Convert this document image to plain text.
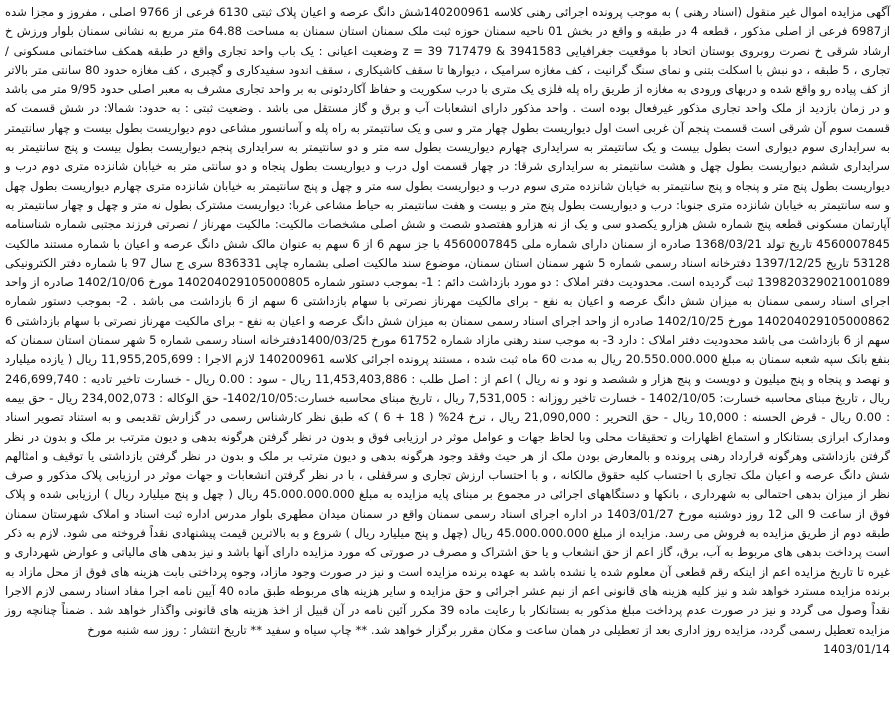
آگهی مزایده اموال غیر منقول (اسناد رهنی ) به موجب پرونده اجرائی رهنی کلاسه 140200961شش دانگ عرصه و اعیان پلاک ثبتی 6130 فرعی از 9766 اصلی ، مفروز و مجزا شده از6987 فرعی از اصلی مذکور ، قطعه 4 در طبقه و واقع در بخش 01 ناحیه سمنان حوزه ثبت ملک سمنان استان سمنان به مساحت 64.88 متر مربع به نشانی سمنان بلوار ورزش خ ارشاد شرقی خ نصرت روبروی بوستان اتحاد با موقعیت جغرافیایی 3941583 & 717479 39 = z وضعیت اعیانی : یک باب واحد تجاری واقع در طبقه همکف ساختمانی مسکونی / تجاری ، 5 طبقه ، دو نبش با اسکلت بتنی و نمای سنگ گرانیت ، کف مغازه سرامیک ، دیوارها تا سقف کاشیکاری ، سقف اندود سفیدکاری و گچبری ، کف مغازه حدود 80 سانتی متر بالاتر از کف پیاده رو واقع شده و دربهای ورودی به مغازه از طریق راه پله فلزی یک متری با درب سکوریت و حفاظ آکاردئونی به بر واحد تجاری مشرف به معبر اصلی حدود 9/95 متر می باشد و در زمان بازدید از ملک واحد تجاری مذکور غیرفعال بوده است . واحد مذکور دارای انشعابات آب و برق و گاز مستقل می باشد . وضعیت ثبتی : به حدود: شمالا: در شش قسمت که قسمت سوم آن شرقی است قسمت پنجم آن غربی است اول دیواریست بطول چهار متر و سی و یک سانتیمتر به راه پله و آسانسور مشاعی دوم دیواریست بطول بیست و چهار سانتیمتر به سرایداری سوم دیواری است بطول بیست و یک سانتیمتر به سرایداری چهارم دیواریست بطول سه متر و دو سانتیمتر به سرایداری پنجم دیواریست بطول بیست و پنج سانتیمتر به سرایداری ششم دیواریست بطول چهل و هشت سانتیمتر به سرایداری شرقا: در چهار قسمت اول درب و دیواریست بطول پنجاه و دو سانتی متر به خیابان شانزده متری دوم درب و دیواریست بطول پنج متر و پنجاه و پنج سانتیمتر به خیابان شانزده متری سوم درب و دیواریست بطول سه متر و چهل و پنج سانتیمتر به خیابان شانزده متری چهارم دیواریست بطول چهل و سه سانتیمتر به خیابان شانزده متری جنوبا: درب و دیواریست بطول پنج متر و بیست و هفت سانتیمتر به حیاط مشاعی غربا: دیواریست مشترک بطول نه متر و چهل و چهار سانتیمتر به آپارتمان مسکونی قطعه پنج شماره شش هزارو یکصدو سی و یک از نه هزارو هفتصدو شصت و شش اصلی مشخصات مالکیت: مالکیت مهرناز / نصرتی فرزند مجتبی شماره شناسنامه 4560007845 تاریخ تولد 1368/03/21 صادره از سمنان دارای شماره ملی 4560007845 با جز سهم 6 از 6 سهم به عنوان مالک شش دانگ عرصه و اعیان با شماره مستند مالکیت 53128 تاریخ 1397/12/25 دفترخانه اسناد رسمی شماره 5 شهر سمنان استان سمنان، موضوع سند مالکیت اصلی بشماره چاپی 836331 سری ج سال 97 با شماره دفتر الکترونیکی 139820329021001089 ثبت گردیده است. محدودیت دفتر املاک : دو مورد بازداشت دائم : 1- بموجب دستور شماره 140204029105000805 مورخ 1402/10/06 صادره از واحد اجرای اسناد رسمی سمنان به میزان شش دانگ عرصه و اعیان به نفع - برای مالکیت مهرناز نصرتی با سهام بازداشتی 6 سهم از 6 بازداشت می باشد . 2- بموجب دستور شماره 140204029105000862 مورخ 1402/10/25 صادره از واحد اجرای اسناد رسمی سمنان به میزان شش دانگ عرصه و اعیان به نفع - برای مالکیت مهرناز نصرتی با سهام بازداشتی 6 سهم از 6 بازداشت می باشد محدودیت دفتر املاک : دارد 3- به موجب سند رهنی مازاد شماره 61752 مورخ 1400/03/25دفترخانه اسناد رسمی شماره 5 شهر سمنان استان سمنان که بنفع بانک سپه شعبه سمنان به مبلغ 20.550.000.000 ریال به مدت 60 ماه ثبت شده ، مستند پرونده اجرائی کلاسه 140200961 لازم الاجرا : 11,955,205,699 ریال ( یازده میلیارد و نهصد و پنجاه و پنج میلیون و دویست و پنج هزار و ششصد و نود و نه ریال ) اعم از : اصل طلب : 11,453,403,886 ریال - سود : 0.00 ریال - خسارت تاخیر تادیه : 246,699,740 ریال ، تاریخ مبنای محاسبه خسارت: 1402/10/05 - خسارت تاخیر روزانه : 7,531,005 ریال ، تاریخ مبنای محاسبه خسارت:1402/10/05- حق الوکاله : 234,002,073 ریال - حق بیمه : 0.00 ریال - قرض الحسنه : 10,000 ریال - حق التحریر : 21,090,000 ریال ، نرخ 24% ( 18 + 6 ) که طبق نظر کارشناس رسمی در گزارش تقدیمی و به استناد تصویر اسناد ومدارک ابرازی بستانکار و استماع اظهارات و تحقیقات محلی وبا لحاظ جهات و عوامل موثر در ارزیابی فوق و بدون در نظر گرفتن هرگونه بدهی و دیون مترتب بر ملک و بدون در نظر گرفتن بازداشتی وهرگونه قرارداد رهنی پرونده و بالمعارض بودن ملک از هر حیث وفقد وجود هرگونه بدهی و دیون مترتب بر ملک و بدون در نظر گرفتن بازداشتی یا توقیف و امثالهم شش دانگ عرصه و اعیان ملک تجاری با احتساب کلیه حقوق مالکانه ، و با احتساب ارزش تجاری و سرقفلی ، با در نظر گرفتن انشعابات و جهات موثر در ارزیابی پلاک مذکور و صرف نظر از میزان بدهی احتمالی به شهرداری ، بانکها و دستگاههای اجرائی در مجموع بر مبنای پایه مزایده به مبلغ 45.000.000.000 ریال ( چهل و پنج میلیارد ریال ) ارزیابی شده و پلاک فوق از ساعت 9 الی 12 روز دوشنبه مورخ 1403/01/27 در اداره اجرای اسناد رسمی سمنان واقع در سمنان میدان مطهری بلوار مدرس اداره ثبت اسناد و املاک شهرستان سمنان طبقه دوم از طریق مزایده به فروش می رسد. مزایده از مبلغ 45.000.000.000 ریال (چهل و پنج میلیارد ریال ) شروع و به بالاترین قیمت پیشنهادی نقداً فروخته می شود. لازم به ذکر است پرداخت بدهی های مربوط به آب، برق، گاز اعم از حق انشعاب و یا حق اشتراک و مصرف در صورتی که مورد مزایده دارای آنها باشد و نیز بدهی های مالیاتی و عوارض شهرداری و غیره تا تاریخ مزایده اعم از اینکه رقم قطعی آن معلوم شده یا نشده باشد به عهده برنده مزایده است و نیز در صورت وجود مازاد، وجوه پرداختی بابت هزینه های فوق از محل مازاد به برنده مزایده مسترد خواهد شد و نیز کلیه هزینه های قانونی اعم از نیم عشر اجرائی و حق مزایده و سایر هزینه های مربوطه طبق ماده 40 آیین نامه اجرا مفاد اسناد رسمی لازم الاجرا نقداً وصول می گردد و نیز در صورت عدم پرداخت مبلغ مذکور به بستانکار با رعایت ماده 39 مکرر آئین نامه در آن قبیل از اخذ هزینه های قانونی واگذار خواهد شد . ضمناً چنانچه روز مزایده تعطیل رسمی گردد، مزایده روز اداری بعد از تعطیلی در همان ساعت و مکان مقرر برگزار خواهد شد. ** چاپ سیاه و سفید ** تاریخ انتشار : روز سه شنبه مورخ

1403/01/14
